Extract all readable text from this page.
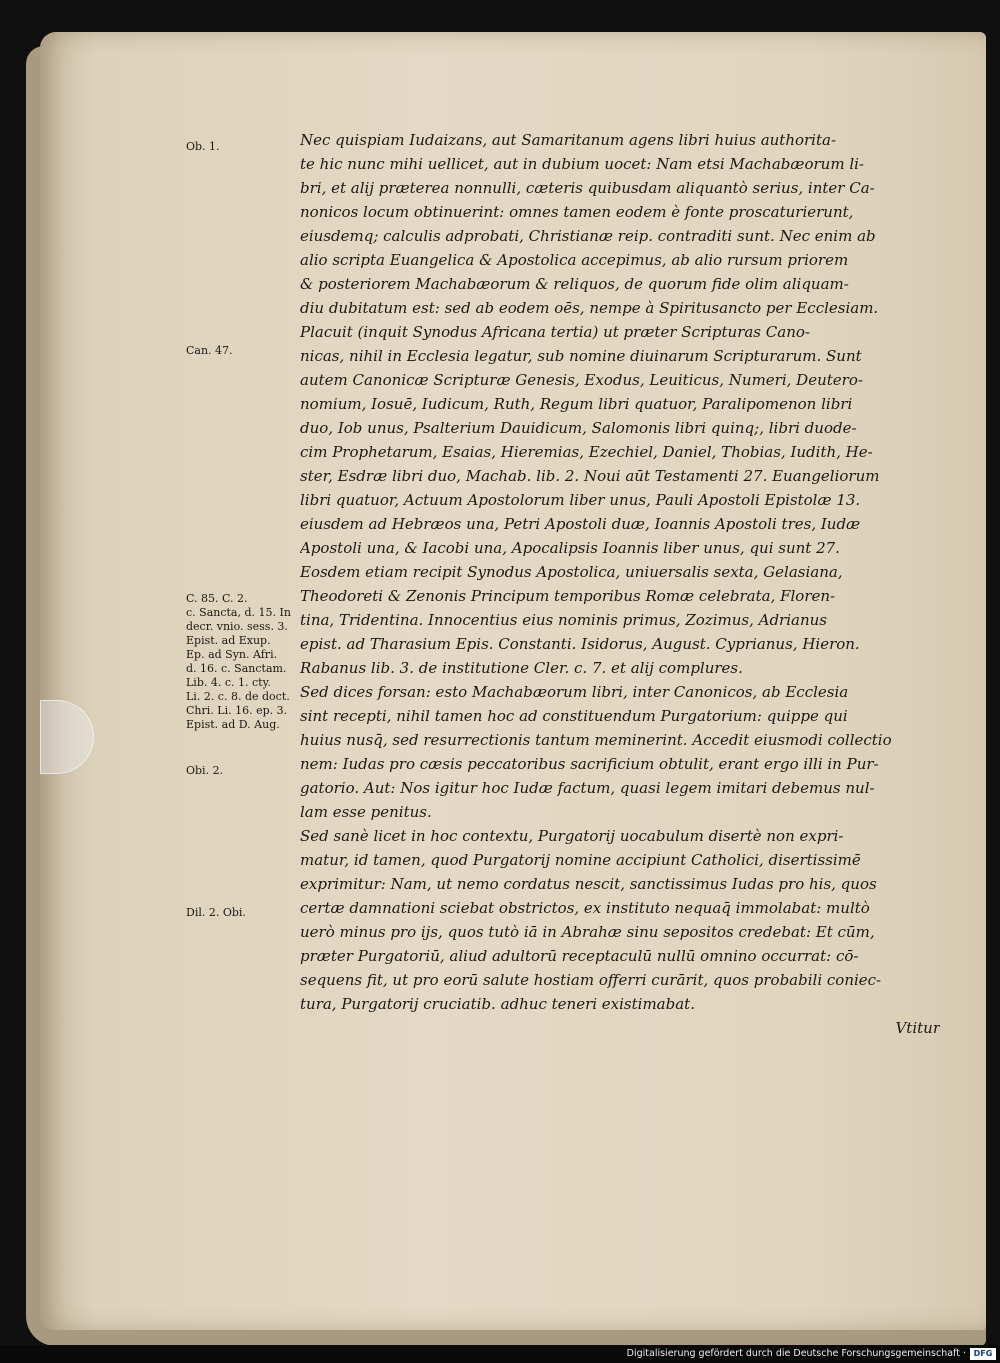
Ob. 1.
Can. 47.
C. 85. C. 2.
c. Sancta, d. 15. In
decr. vnio. sess. 3.
Epist. ad Exup.
Ep. ad Syn. Afri.
d. 16. c. Sanctam.
Lib. 4. c. 1. cty.
Li. 2. c. 8. de doct.
Chri. Li. 16. ep. 3.
Epist. ad D. Aug.
Obi. 2.
Dil. 2. Obi.
Nec quispiam Iudaizans, aut Samaritanum agens libri huius authorita-
te hic nunc mihi uellicet, aut in dubium uocet: Nam etsi Machabæorum li-
bri, et alij præterea nonnulli, cæteris quibusdam aliquantò serius, inter Ca-
nonicos locum obtinuerint: omnes tamen eodem è fonte proscaturierunt,
eiusdemq; calculis adprobati, Christianæ reip. contraditi sunt. Nec enim ab
alio scripta Euangelica & Apostolica accepimus, ab alio rursum priorem
& posteriorem Machabæorum & reliquos, de quorum fide olim aliquam-
diu dubitatum est: sed ab eodem oēs, nempe à Spiritusancto per Ecclesiam.
Placuit (inquit Synodus Africana tertia) ut præter Scripturas Cano-
nicas, nihil in Ecclesia legatur, sub nomine diuinarum Scripturarum. Sunt
autem Canonicæ Scripturæ Genesis, Exodus, Leuiticus, Numeri, Deutero-
nomium, Iosuē, Iudicum, Ruth, Regum libri quatuor, Paralipomenon libri
duo, Iob unus, Psalterium Dauidicum, Salomonis libri quinq;, libri duode-
cim Prophetarum, Esaias, Hieremias, Ezechiel, Daniel, Thobias, Iudith, He-
ster, Esdræ libri duo, Machab. lib. 2. Noui aūt Testamenti 27. Euangeliorum
libri quatuor, Actuum Apostolorum liber unus, Pauli Apostoli Epistolæ 13.
eiusdem ad Hebræos una, Petri Apostoli duæ, Ioannis Apostoli tres, Iudæ
Apostoli una, & Iacobi una, Apocalipsis Ioannis liber unus, qui sunt 27.
Eosdem etiam recipit Synodus Apostolica, uniuersalis sexta, Gelasiana,
Theodoreti & Zenonis Principum temporibus Romæ celebrata, Floren-
tina, Tridentina. Innocentius eius nominis primus, Zozimus, Adrianus
epist. ad Tharasium Epis. Constanti. Isidorus, August. Cyprianus, Hieron.
Rabanus lib. 3. de institutione Cler. c. 7. et alij complures.
Sed dices forsan: esto Machabæorum libri, inter Canonicos, ab Ecclesia
sint recepti, nihil tamen hoc ad constituendum Purgatorium: quippe qui
huius nusq̄, sed resurrectionis tantum meminerint. Accedit eiusmodi collectio
nem: Iudas pro cæsis peccatoribus sacrificium obtulit, erant ergo illi in Pur-
gatorio. Aut: Nos igitur hoc Iudæ factum, quasi legem imitari debemus nul-
lam esse penitus.
Sed sanè licet in hoc contextu, Purgatorij uocabulum disertè non expri-
matur, id tamen, quod Purgatorij nomine accipiunt Catholici, disertissimē
exprimitur: Nam, ut nemo cordatus nescit, sanctissimus Iudas pro his, quos
certæ damnationi sciebat obstrictos, ex instituto nequaq̄ immolabat: multò
uerò minus pro ijs, quos tutò iā in Abrahæ sinu sepositos credebat: Et cūm,
præter Purgatoriū, aliud adultorū receptaculū nullū omnino occurrat: cō-
sequens fit, ut pro eorū salute hostiam offerri curārit, quos probabili coniec-
tura, Purgatorij cruciatib. adhuc teneri existimabat.
Vtitur
Digitalisierung gefördert durch die Deutsche Forschungsgemeinschaft · DFG
